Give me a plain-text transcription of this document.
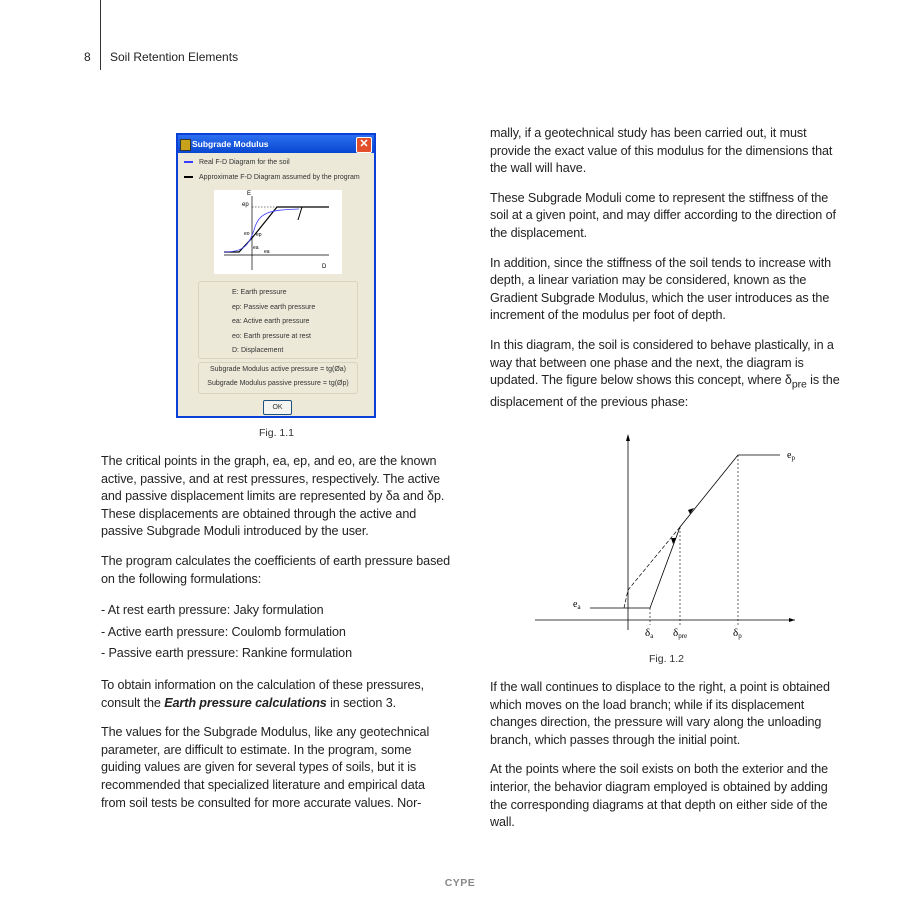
8 Soil Retention Elements
Subgrade Modulus	✕
Real F-D Diagram for the soil
Approximate F-D Diagram assumed by the program
E
ep
eo ep
ea
ea
D
E: Earth pressure
ep: Passive earth pressure
ea: Active earth pressure
eo: Earth pressure at rest
D: Displacement
Subgrade Modulus active pressure = tg(Øa)
Subgrade Modulus passive pressure = tg(Øp)
OK
Fig. 1.1

The critical points in the graph, ea, ep, and eo, are the known active, passive, and at rest pressures, respectively. The active and passive displacement limits are represented by δa and δp. These displacements are obtained through the active and passive Subgrade Moduli introduced by the user.

The program calculates the coefficients of earth pressure based on the following formulations:

- At rest earth pressure: Jaky formulation
- Active earth pressure: Coulomb formulation
- Passive earth pressure: Rankine formulation

To obtain information on the calculation of these pressures, consult the Earth pressure calculations in section 3.

The values for the Subgrade Modulus, like any geotechnical parameter, are difficult to estimate. In the program, some guiding values are given for several types of soils, but it is recommended that specialized literature and empirical data from soil tests be consulted for more accurate values. Nor-

mally, if a geotechnical study has been carried out, it must provide the exact value of this modulus for the dimensions that the wall will have.

These Subgrade Moduli come to represent the stiffness of the soil at a given point, and may differ according to the direction of the displacement.

In addition, since the stiffness of the soil tends to increase with depth, a linear variation may be considered, known as the Gradient Subgrade Modulus, which the user introduces as the increment of the modulus per foot of depth.

In this diagram, the soil is considered to behave plastically, in a way that between one phase and the next, the diagram is updated. The figure below shows this concept, where $\delta_{pre}$ is the displacement of the previous phase:

$e_a$
$e_p$
δa δpre	δp
Fig. 1.2

If the wall continues to displace to the right, a point is obtained which moves on the load branch; while if its displacement changes direction, the pressure will vary along the unloading branch, which passes through the initial point.

At the points where the soil exists on both the exterior and the interior, the behavior diagram employed is obtained by adding the corresponding diagrams at that depth on either side of the wall.

CYPE
